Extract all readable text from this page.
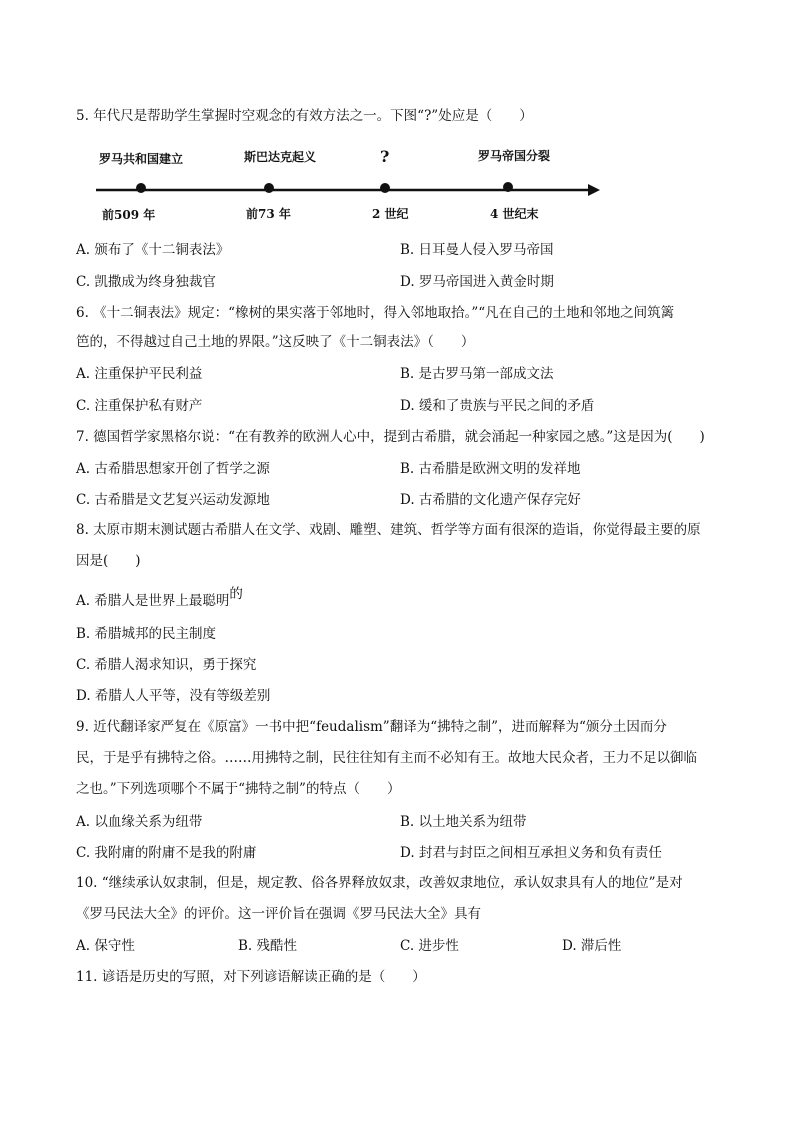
5. 年代尺是帮助学生掌握时空观念的有效方法之一。下图“?”处应是（　　）
罗马共和国建立	斯巴达克起义	?	罗马帝国分裂
前509 年	前73 年	2 世纪	4 世纪末
A. 颁布了《十二铜表法》	B. 日耳曼人侵入罗马帝国
C. 凯撒成为终身独裁官	D. 罗马帝国进入黄金时期
6. 《十二铜表法》规定：“橡树的果实落于邻地时，得入邻地取拾。”“凡在自己的土地和邻地之间筑篱
笆的，不得越过自己土地的界限。”这反映了《十二铜表法》（　　）
A. 注重保护平民利益	B. 是古罗马第一部成文法
C. 注重保护私有财产	D. 缓和了贵族与平民之间的矛盾
7. 德国哲学家黑格尔说：“在有教养的欧洲人心中，提到古希腊，就会涌起一种家园之感。”这是因为(　　)
A. 古希腊思想家开创了哲学之源	B. 古希腊是欧洲文明的发祥地
C. 古希腊是文艺复兴运动发源地	D. 古希腊的文化遗产保存完好
8. 太原市期末测试题古希腊人在文学、戏剧、雕塑、建筑、哲学等方面有很深的造诣，你觉得最主要的原
因是(　　)
A. 希腊人是世界上最聪明的
B. 希腊城邦的民主制度
C. 希腊人渴求知识，勇于探究
D. 希腊人人平等，没有等级差别
9. 近代翻译家严复在《原富》一书中把“feudalism”翻译为“拂特之制”，进而解释为“颁分土因而分
民，于是乎有拂特之俗。……用拂特之制，民往往知有主而不必知有王。故地大民众者，王力不足以御临
之也。”下列选项哪个不属于“拂特之制”的特点（　　）
A. 以血缘关系为纽带	B. 以土地关系为纽带
C. 我附庸的附庸不是我的附庸	D. 封君与封臣之间相互承担义务和负有责任
10. “继续承认奴隶制，但是，规定教、俗各界释放奴隶，改善奴隶地位，承认奴隶具有人的地位”是对
《罗马民法大全》的评价。这一评价旨在强调《罗马民法大全》具有
A. 保守性	B. 残酷性	C. 进步性	D. 滞后性
11. 谚语是历史的写照，对下列谚语解读正确的是（　　）
